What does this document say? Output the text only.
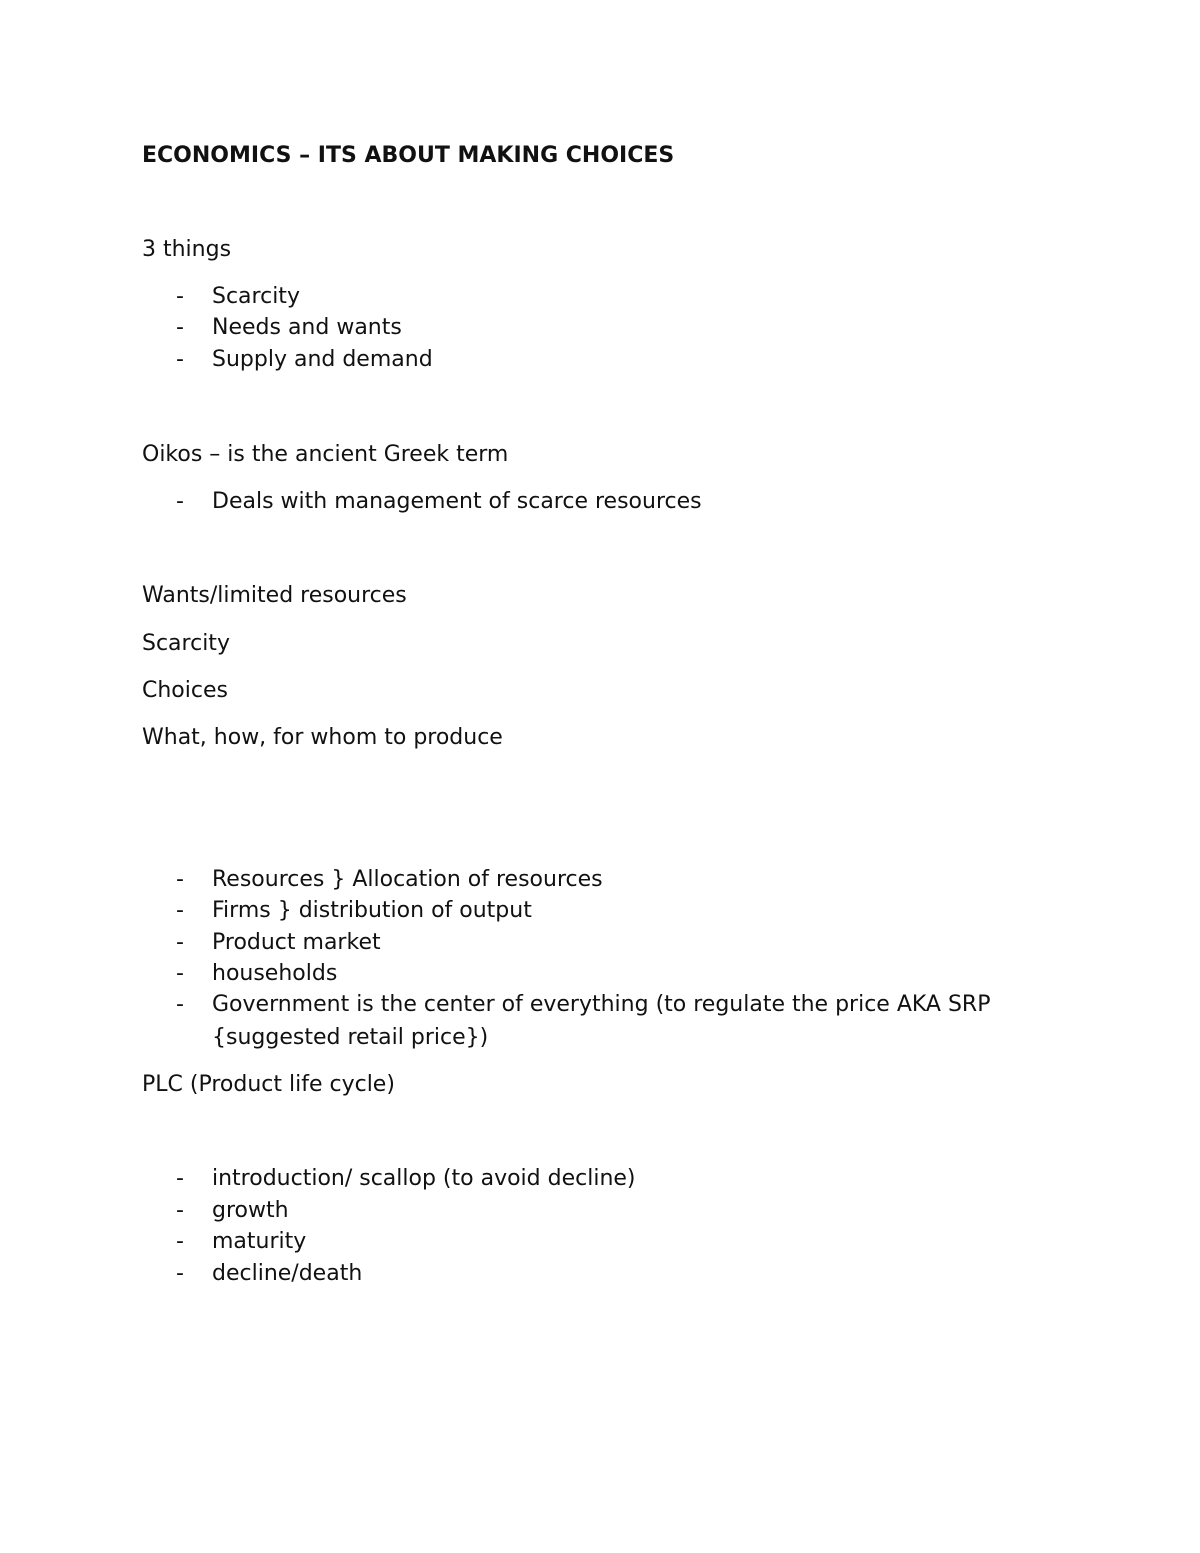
ECONOMICS – ITS ABOUT MAKING CHOICES
3 things
- Scarcity
- Needs and wants
- Supply and demand
Oikos – is the ancient Greek term
- Deals with management of scarce resources
Wants/limited resources
Scarcity
Choices
What, how, for whom to produce
- Resources } Allocation of resources
- Firms } distribution of output
- Product market
- households
- Government is the center of everything (to regulate the price AKA SRP
{suggested retail price})
PLC (Product life cycle)
- introduction/ scallop (to avoid decline)
- growth
- maturity
- decline/death
